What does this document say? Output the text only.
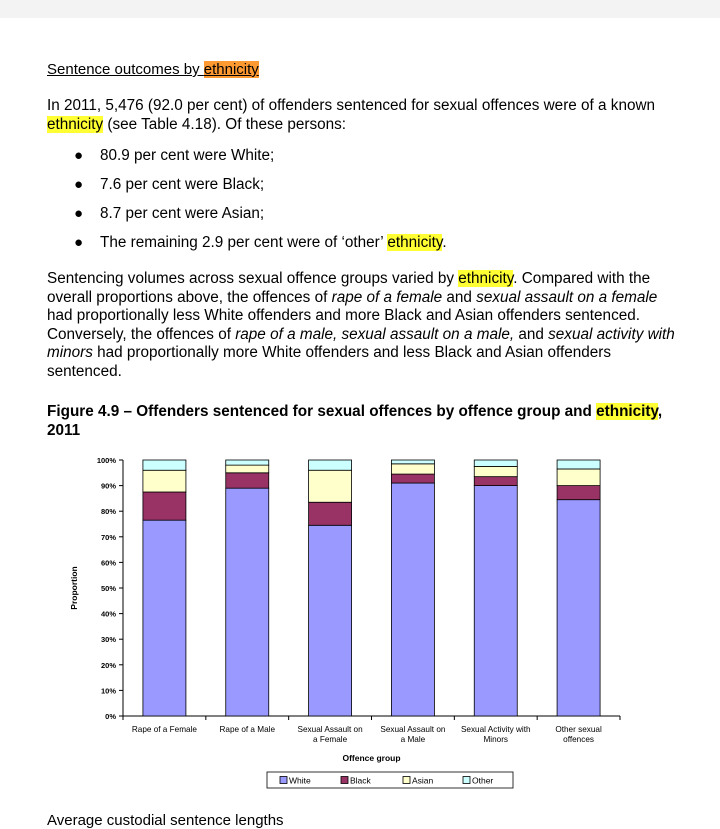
Sentence outcomes by ethnicity

In 2011, 5,476 (92.0 per cent) of offenders sentenced for sexual offences were of a known ethnicity (see Table 4.18). Of these persons:

● 80.9 per cent were White;
● 7.6 per cent were Black;
● 8.7 per cent were Asian;
● The remaining 2.9 per cent were of ‘other’ ethnicity.

Sentencing volumes across sexual offence groups varied by ethnicity. Compared with the overall proportions above, the offences of rape of a female and sexual assault on a female had proportionally less White offenders and more Black and Asian offenders sentenced. Conversely, the offences of rape of a male, sexual assault on a male, and sexual activity with minors had proportionally more White offenders and less Black and Asian offenders sentenced.

Figure 4.9 – Offenders sentenced for sexual offences by offence group and ethnicity, 2011
0%
10%
20%
30%
40%
50%
60%
70%
80%
90%
100%
Rape of a Female	Rape of a Male	Sexual Assault on
a Female
Sexual Assault on
a Male
Sexual Activity with
Minors
Other sexual
offences
Offence group
Proportion
White	Black	Asian	Other
Average custodial sentence lengths
